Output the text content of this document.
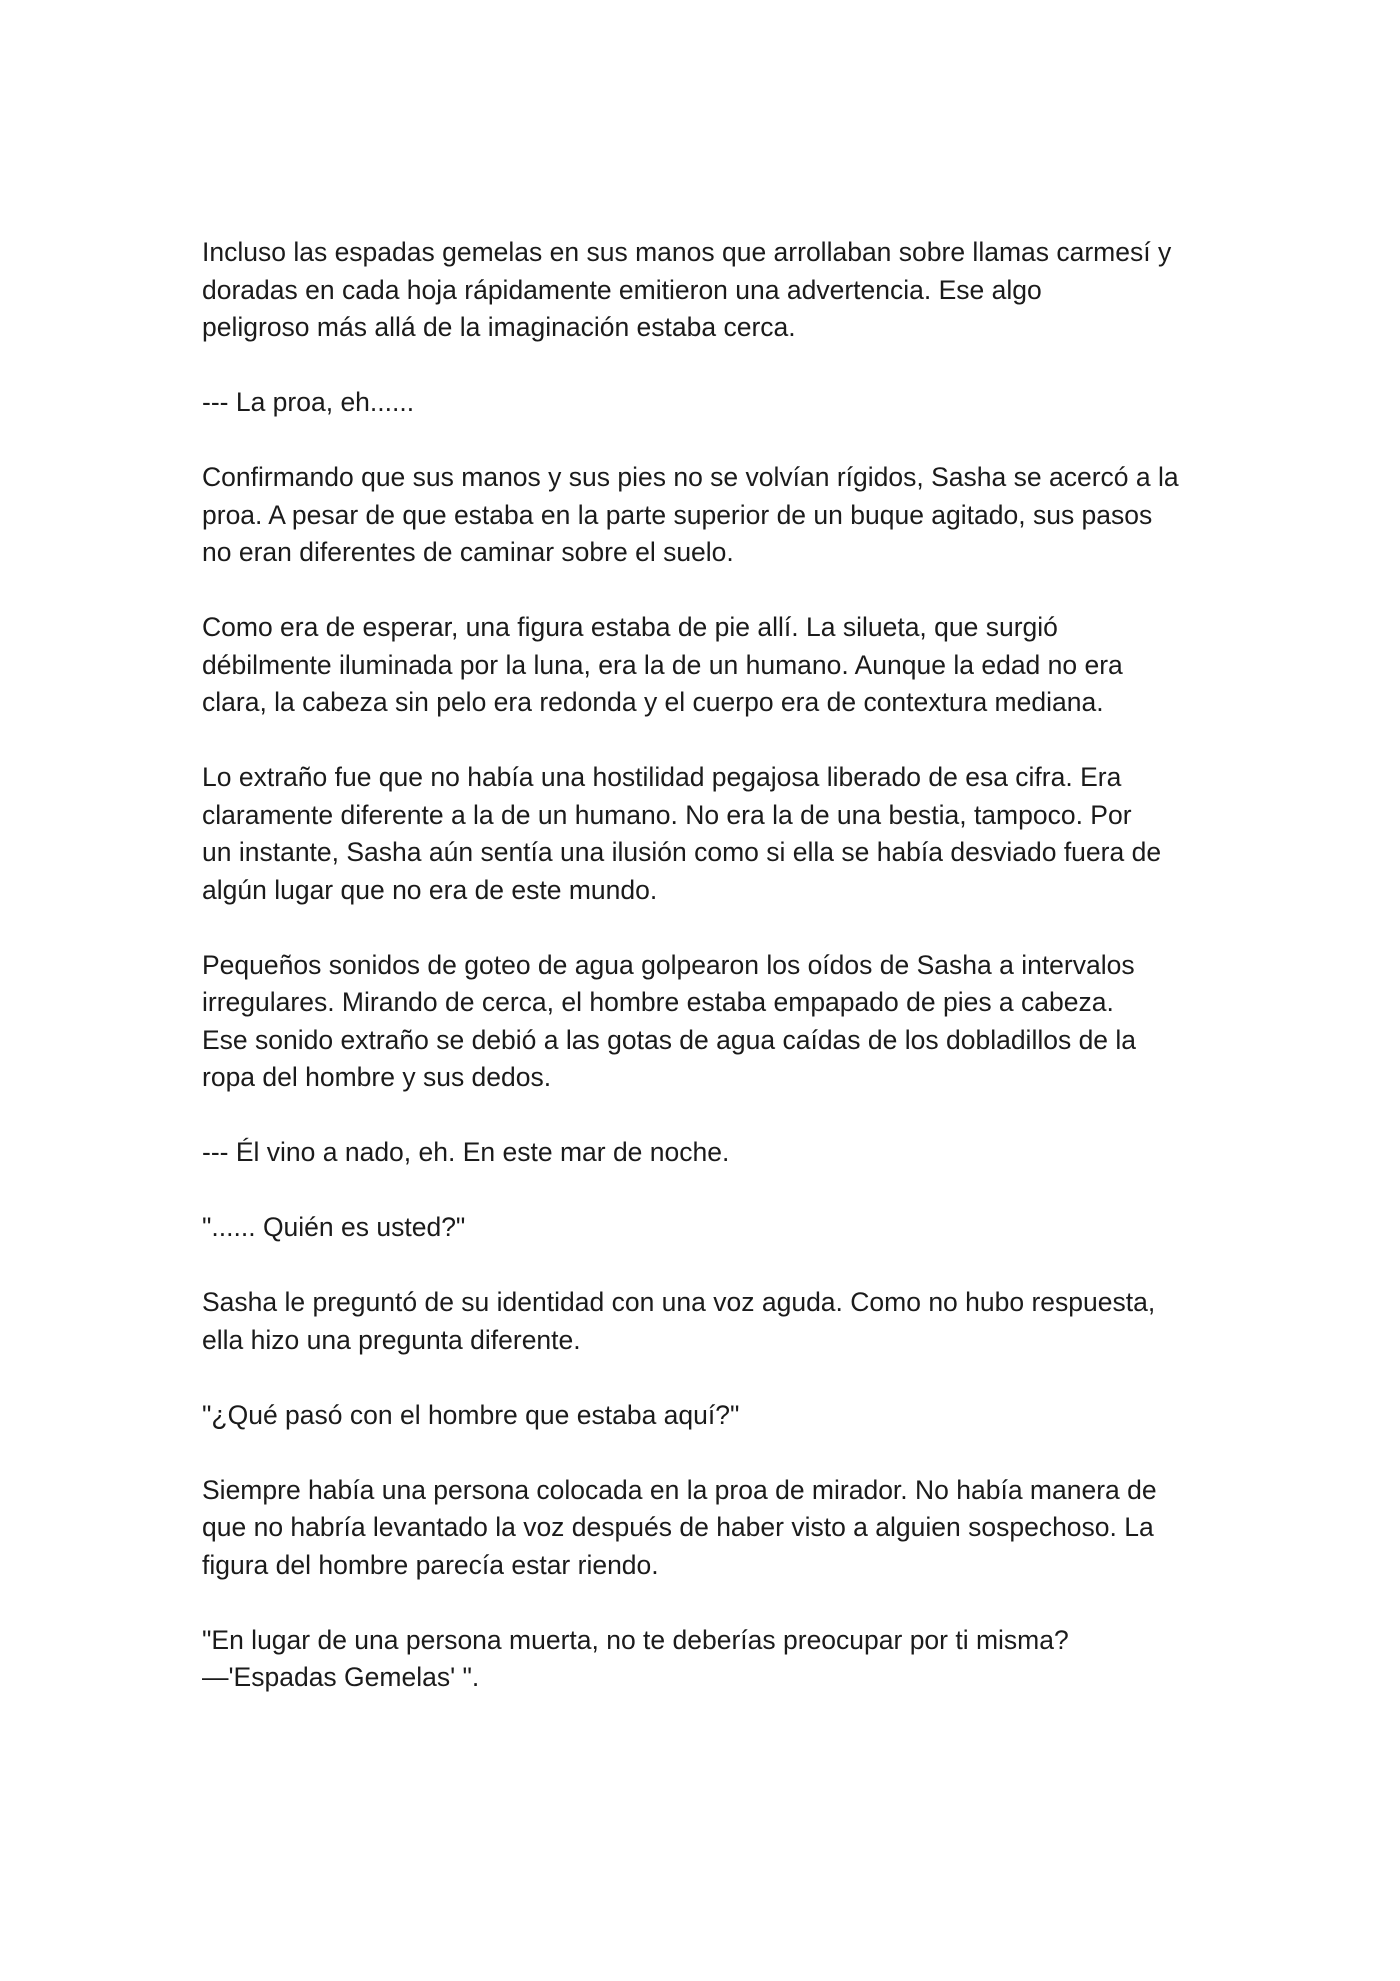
Incluso las espadas gemelas en sus manos que arrollaban sobre llamas carmesí y
doradas en cada hoja rápidamente emitieron una advertencia. Ese algo
peligroso más allá de la imaginación estaba cerca.

--- La proa, eh......

Confirmando que sus manos y sus pies no se volvían rígidos, Sasha se acercó a la
proa. A pesar de que estaba en la parte superior de un buque agitado, sus pasos
no eran diferentes de caminar sobre el suelo.

Como era de esperar, una figura estaba de pie allí. La silueta, que surgió
débilmente iluminada por la luna, era la de un humano. Aunque la edad no era
clara, la cabeza sin pelo era redonda y el cuerpo era de contextura mediana.

Lo extraño fue que no había una hostilidad pegajosa liberado de esa cifra. Era
claramente diferente a la de un humano. No era la de una bestia, tampoco. Por
un instante, Sasha aún sentía una ilusión como si ella se había desviado fuera de
algún lugar que no era de este mundo.

Pequeños sonidos de goteo de agua golpearon los oídos de Sasha a intervalos
irregulares. Mirando de cerca, el hombre estaba empapado de pies a cabeza.
Ese sonido extraño se debió a las gotas de agua caídas de los dobladillos de la
ropa del hombre y sus dedos.

--- Él vino a nado, eh. En este mar de noche.

"...... Quién es usted?"

Sasha le preguntó de su identidad con una voz aguda. Como no hubo respuesta,
ella hizo una pregunta diferente.

"¿Qué pasó con el hombre que estaba aquí?"

Siempre había una persona colocada en la proa de mirador. No había manera de
que no habría levantado la voz después de haber visto a alguien sospechoso. La
figura del hombre parecía estar riendo.

"En lugar de una persona muerta, no te deberías preocupar por ti misma?
—'Espadas Gemelas' ".
